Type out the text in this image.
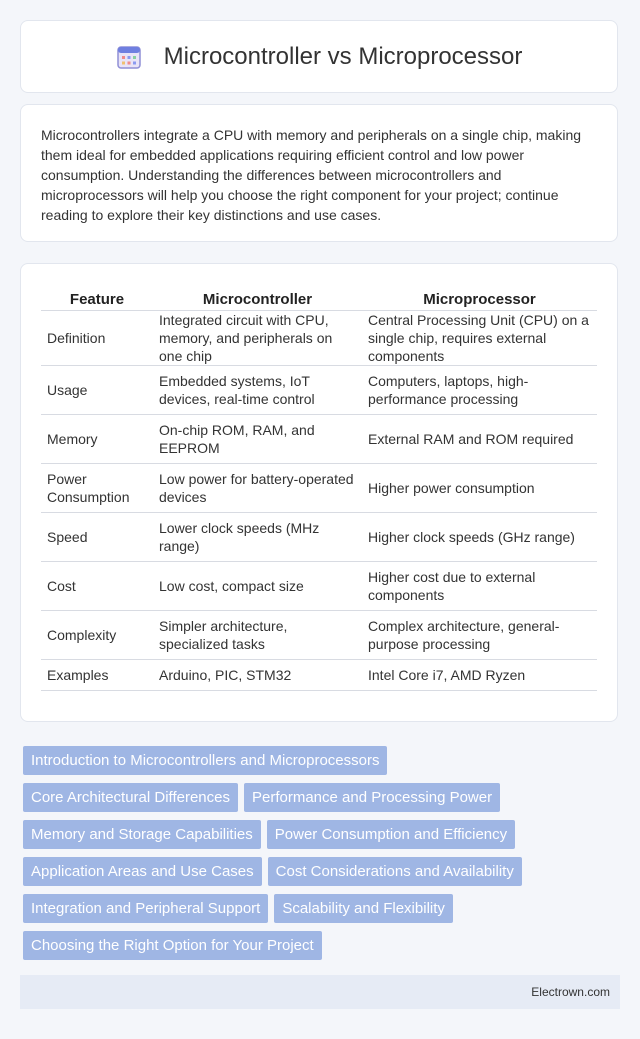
Microcontroller vs Microprocessor

Microcontrollers integrate a CPU with memory and peripherals on a single chip, making them ideal for embedded applications requiring efficient control and low power consumption. Understanding the differences between microcontrollers and microprocessors will help you choose the right component for your project; continue reading to explore their key distinctions and use cases.

Feature	Microcontroller	Microprocessor
Definition	Integrated circuit with CPU, memory, and peripherals on one chip	Central Processing Unit (CPU) on a single chip, requires external components
Usage	Embedded systems, IoT devices, real-time control	Computers, laptops, high-performance processing
Memory	On-chip ROM, RAM, and EEPROM	External RAM and ROM required
Power Consumption	Low power for battery-operated devices	Higher power consumption
Speed	Lower clock speeds (MHz range)	Higher clock speeds (GHz range)
Cost	Low cost, compact size	Higher cost due to external components
Complexity	Simpler architecture, specialized tasks	Complex architecture, general-purpose processing
Examples	Arduino, PIC, STM32	Intel Core i7, AMD Ryzen
Introduction to Microcontrollers and Microprocessors
Core Architectural Differences Performance and Processing Power
Memory and Storage Capabilities Power Consumption and Efficiency
Application Areas and Use Cases Cost Considerations and Availability
Integration and Peripheral Support Scalability and Flexibility
Choosing the Right Option for Your Project
Electrown.com
